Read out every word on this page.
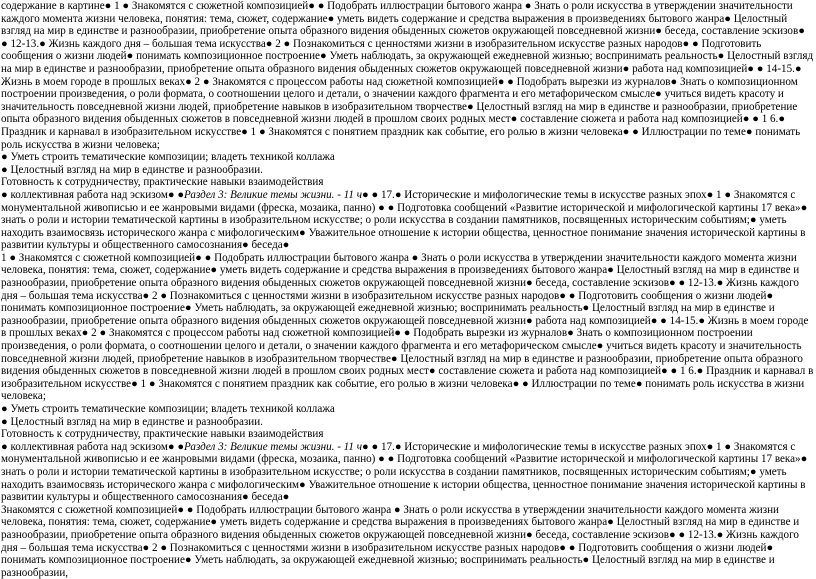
содержание в картине● 1 ● Знакомятся с сюжетной композицией● ● Подобрать иллюстрации бытового жанра ● Знать о роли искусства в утверждении значительности каждого момента жизни человека, понятия: тема, сюжет, содержание● уметь видеть содержание и средства выражения в произведениях бытового жанра● Целостный взгляд на мир в единстве и разнообразии, приобретение опыта образного видения обыденных сюжетов окружающей повседневной жизни● беседа, составление эскизов● ● 12-13.● Жизнь каждого дня – большая тема искусства● 2 ● Познакомиться с ценностями жизни в изобразительном искусстве разных народов● ● Подготовить сообщения о жизни людей● понимать композиционное построение● Уметь наблюдать, за окружающей ежедневной жизнью; воспринимать реальность● Целостный взгляд на мир в единстве и разнообразии, приобретение опыта образного видения обыденных сюжетов окружающей повседневной жизни● работа над композицией● ● 14-15.● Жизнь в моем городе в прошлых веках● 2 ● Знакомятся с процессом работы над сюжетной композицией● ● Подобрать вырезки из журналов● Знать о композиционном построении произведения, о роли формата, о соотношении целого и детали, о значении каждого фрагмента и его метафорическом смысле● учиться видеть красоту и значительность повседневной жизни людей, приобретение навыков в изобразительном творчестве● Целостный взгляд на мир в единстве и разнообразии, приобретение опыта образного видения обыденных сюжетов в повседневной жизни людей в прошлом своих родных мест● составление сюжета и работа над композицией● ● 1 6.● Праздник и карнавал в изобразительном искусстве● 1 ● Знакомятся с понятием праздник как событие, его ролью в жизни человека● ● Иллюстрации по теме● понимать роль искусства в жизни человека;

● Уметь строить тематические композиции; владеть техникой коллажа

● Целостный взгляд на мир в единстве и разнообразии.

Готовность к сотрудничеству, практические навыки взаимодействия

● коллективная работа над эскизом● ●Раздел 3: Великие темы жизни. - 11 ч● ● 17.● Исторические и мифологические темы в искусстве разных эпох● 1 ● Знакомятся с монументальной живописью и ее жанровыми видами (фреска, мозаика, панно) ● ● Подготовка сообщений «Развитие исторической и мифологической картины 17 века»● знать о роли и истории тематической картины в изобразительном искусстве; о роли искусства в создании памятников, посвященных историческим событиям;● уметь находить взаимосвязь исторического жанра с мифологическим● Уважительное отношение к истории общества, ценностное понимание значения исторической картины в развитии культуры и общественного самосознания● беседа●

1 ● Знакомятся с сюжетной композицией● ● Подобрать иллюстрации бытового жанра ● Знать о роли искусства в утверждении значительности каждого момента жизни человека, понятия: тема, сюжет, содержание● уметь видеть содержание и средства выражения в произведениях бытового жанра● Целостный взгляд на мир в единстве и разнообразии, приобретение опыта образного видения обыденных сюжетов окружающей повседневной жизни● беседа, составление эскизов● ● 12-13.● Жизнь каждого дня – большая тема искусства● 2 ● Познакомиться с ценностями жизни в изобразительном искусстве разных народов● ● Подготовить сообщения о жизни людей● понимать композиционное построение● Уметь наблюдать, за окружающей ежедневной жизнью; воспринимать реальность● Целостный взгляд на мир в единстве и разнообразии, приобретение опыта образного видения обыденных сюжетов окружающей повседневной жизни● работа над композицией● ● 14-15.● Жизнь в моем городе в прошлых веках● 2 ● Знакомятся с процессом работы над сюжетной композицией● ● Подобрать вырезки из журналов● Знать о композиционном построении произведения, о роли формата, о соотношении целого и детали, о значении каждого фрагмента и его метафорическом смысле● учиться видеть красоту и значительность повседневной жизни людей, приобретение навыков в изобразительном творчестве● Целостный взгляд на мир в единстве и разнообразии, приобретение опыта образного видения обыденных сюжетов в повседневной жизни людей в прошлом своих родных мест● составление сюжета и работа над композицией● ● 1 6.● Праздник и карнавал в изобразительном искусстве● 1 ● Знакомятся с понятием праздник как событие, его ролью в жизни человека● ● Иллюстрации по теме● понимать роль искусства в жизни человека;

● Уметь строить тематические композиции; владеть техникой коллажа

● Целостный взгляд на мир в единстве и разнообразии.

Готовность к сотрудничеству, практические навыки взаимодействия

● коллективная работа над эскизом● ●Раздел 3: Великие темы жизни. - 11 ч● ● 17.● Исторические и мифологические темы в искусстве разных эпох● 1 ● Знакомятся с монументальной живописью и ее жанровыми видами (фреска, мозаика, панно) ● ● Подготовка сообщений «Развитие исторической и мифологической картины 17 века»● знать о роли и истории тематической картины в изобразительном искусстве; о роли искусства в создании памятников, посвященных историческим событиям;● уметь находить взаимосвязь исторического жанра с мифологическим● Уважительное отношение к истории общества, ценностное понимание значения исторической картины в развитии культуры и общественного самосознания● беседа●

Знакомятся с сюжетной композицией● ● Подобрать иллюстрации бытового жанра ● Знать о роли искусства в утверждении значительности каждого момента жизни человека, понятия: тема, сюжет, содержание● уметь видеть содержание и средства выражения в произведениях бытового жанра● Целостный взгляд на мир в единстве и разнообразии, приобретение опыта образного видения обыденных сюжетов окружающей повседневной жизни● беседа, составление эскизов● ● 12-13.● Жизнь каждого дня – большая тема искусства● 2 ● Познакомиться с ценностями жизни в изобразительном искусстве разных народов● ● Подготовить сообщения о жизни людей● понимать композиционное построение● Уметь наблюдать, за окружающей ежедневной жизнью; воспринимать реальность● Целостный взгляд на мир в единстве и разнообразии,
